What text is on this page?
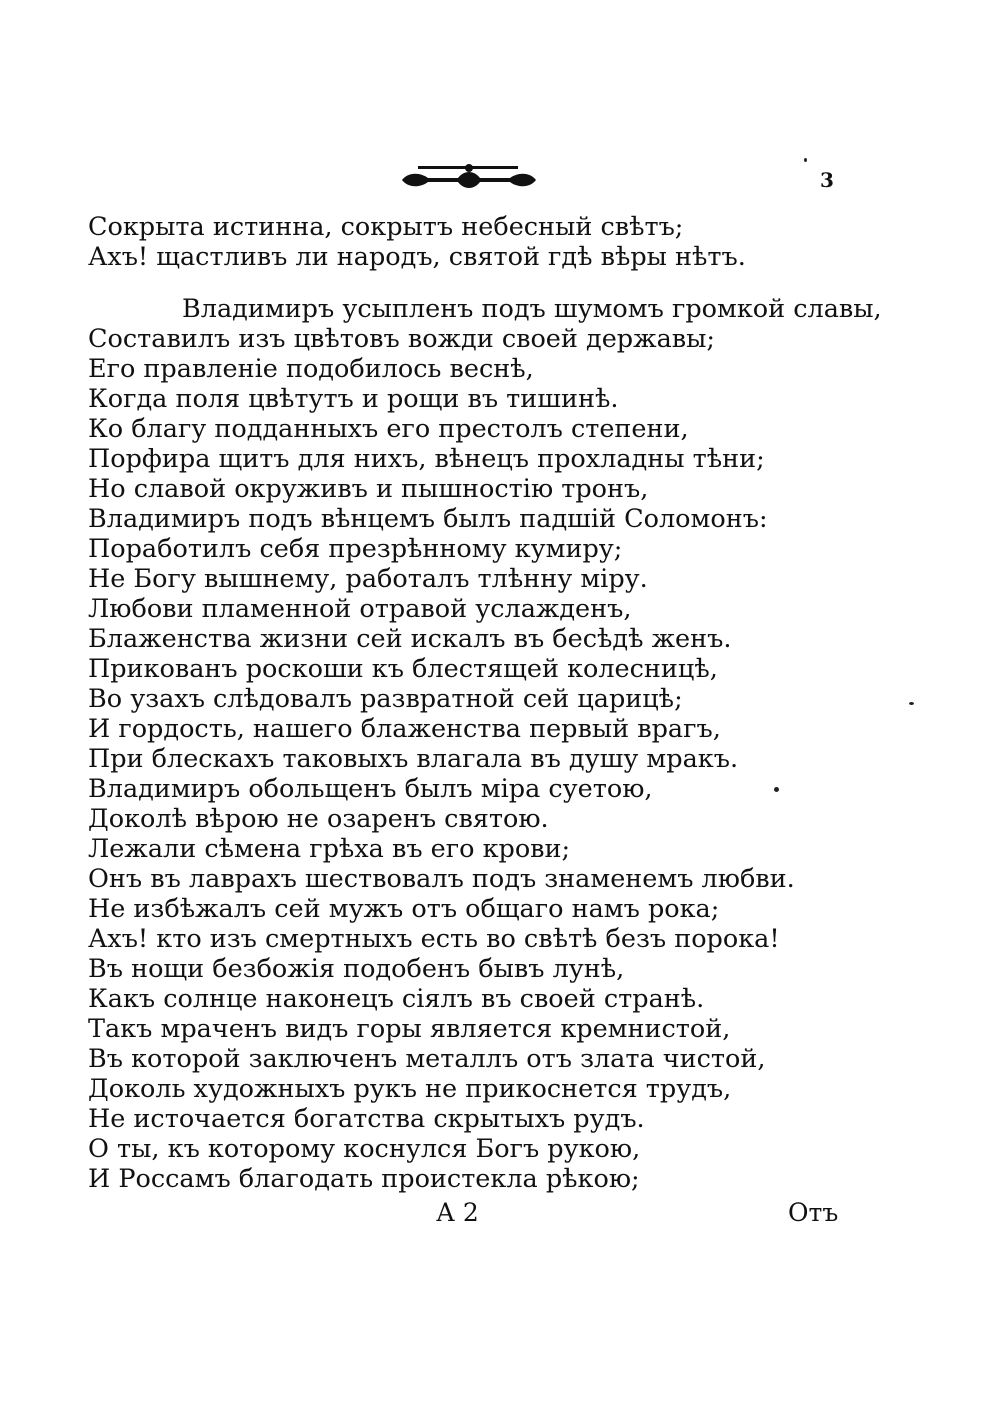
3
Сокрыта истинна, сокрытъ небесный свѣтъ;
Ахъ! щастливъ ли народъ, святой гдѣ вѣры нѣтъ.
Владимиръ усыпленъ подъ шумомъ громкой славы,
Составилъ изъ цвѣтовъ вожди своей державы;
Его правленіе подобилось веснѣ,
Когда поля цвѣтутъ и рощи въ тишинѣ.
Ко благу подданныхъ его престолъ степени,
Порфира щитъ для нихъ, вѣнецъ прохладны тѣни;
Но славой окруживъ и пышностію тронъ,
Владимиръ подъ вѣнцемъ былъ падшій Соломонъ:
Поработилъ себя презрѣнному кумиру;
Не Богу вышнему, работалъ тлѣнну міру.
Любови пламенной отравой услажденъ,
Блаженства жизни сей искалъ въ бесѣдѣ женъ.
Прикованъ роскоши къ блестящей колесницѣ,
Во узахъ слѣдовалъ развратной сей царицѣ;
И гордость, нашего блаженства первый врагъ,
При блескахъ таковыхъ влагала въ душу мракъ.
Владимиръ обольщенъ былъ міра суетою,
Доколѣ вѣрою не озаренъ святою.
Лежали сѣмена грѣха въ его крови;
Онъ въ лаврахъ шествовалъ подъ знаменемъ любви.
Не избѣжалъ сей мужъ отъ общаго намъ рока;
Ахъ! кто изъ смертныхъ есть во свѣтѣ безъ порока!
Въ нощи безбожія подобенъ бывъ лунѣ,
Какъ солнце наконецъ сіялъ въ своей странѣ.
Такъ мраченъ видъ горы является кремнистой,
Въ которой заключенъ металлъ отъ злата чистой,
Доколь художныхъ рукъ не прикоснется трудъ,
Не источается богатства скрытыхъ рудъ.
О ты, къ которому коснулся Богъ рукою,
И Россамъ благодать проистекла рѣкою;
А 2	Отъ
